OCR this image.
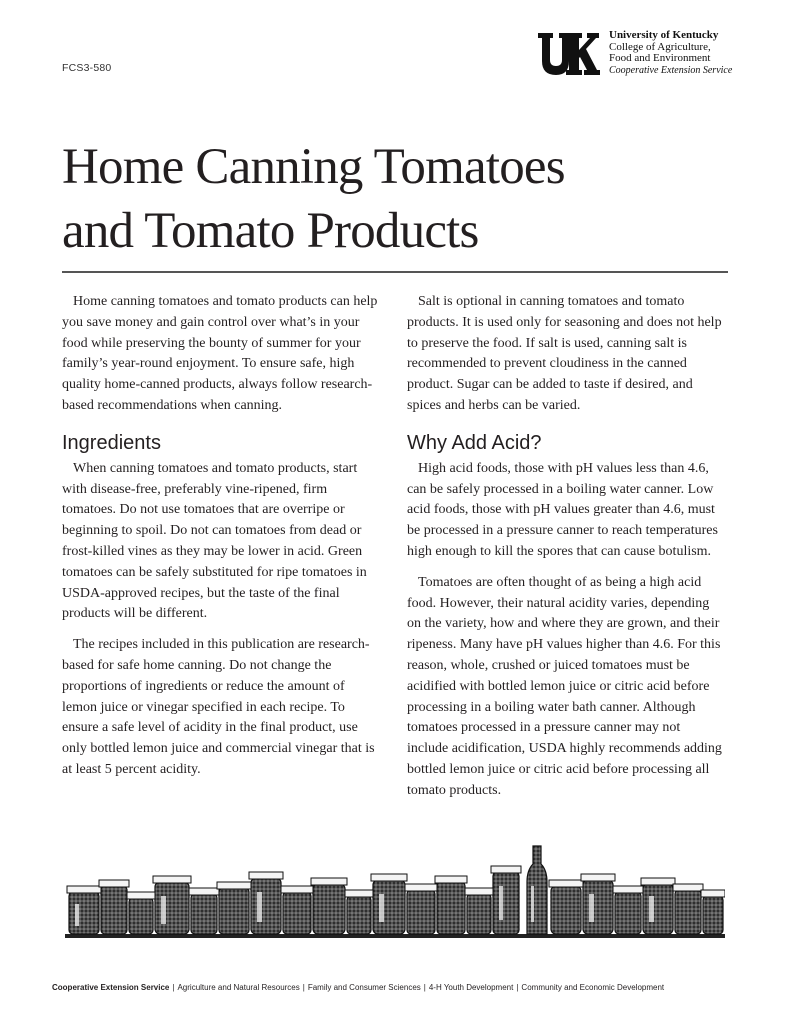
FCS3-580
University of Kentucky
College of Agriculture,
Food and Environment
Cooperative Extension Service
Home Canning Tomatoes
and Tomato Products

Home canning tomatoes and tomato products can help you save money and gain control over what’s in your food while preserving the bounty of summer for your family’s year-round enjoyment. To ensure safe, high quality home-canned products, always follow research-based recommendations when canning.

Ingredients

When canning tomatoes and tomato products, start with disease-free, preferably vine-ripened, firm tomatoes. Do not use tomatoes that are overripe or beginning to spoil. Do not can tomatoes from dead or frost-killed vines as they may be lower in acid. Green tomatoes can be safely substituted for ripe tomatoes in USDA-approved recipes, but the taste of the final products will be different.

The recipes included in this publication are research-based for safe home canning. Do not change the proportions of ingredients or reduce the amount of lemon juice or vinegar specified in each recipe. To ensure a safe level of acidity in the final product, use only bottled lemon juice and commercial vinegar that is at least 5 percent acidity.

Salt is optional in canning tomatoes and tomato products. It is used only for seasoning and does not help to preserve the food. If salt is used, canning salt is recommended to prevent cloudiness in the canned product. Sugar can be added to taste if desired, and spices and herbs can be varied.

Why Add Acid?

High acid foods, those with pH values less than 4.6, can be safely processed in a boiling water canner. Low acid foods, those with pH values greater than 4.6, must be processed in a pressure canner to reach temperatures high enough to kill the spores that can cause botulism.

Tomatoes are often thought of as being a high acid food. However, their natural acidity varies, depending on the variety, how and where they are grown, and their ripeness. Many have pH values higher than 4.6. For this reason, whole, crushed or juiced tomatoes must be acidified with bottled lemon juice or citric acid before processing in a boiling water bath canner. Although tomatoes processed in a pressure canner may not include acidification, USDA highly recommends adding bottled lemon juice or citric acid before processing all tomato products.

Cooperative Extension Service | Agriculture and Natural Resources | Family and Consumer Sciences | 4-H Youth Development | Community and Economic Development
